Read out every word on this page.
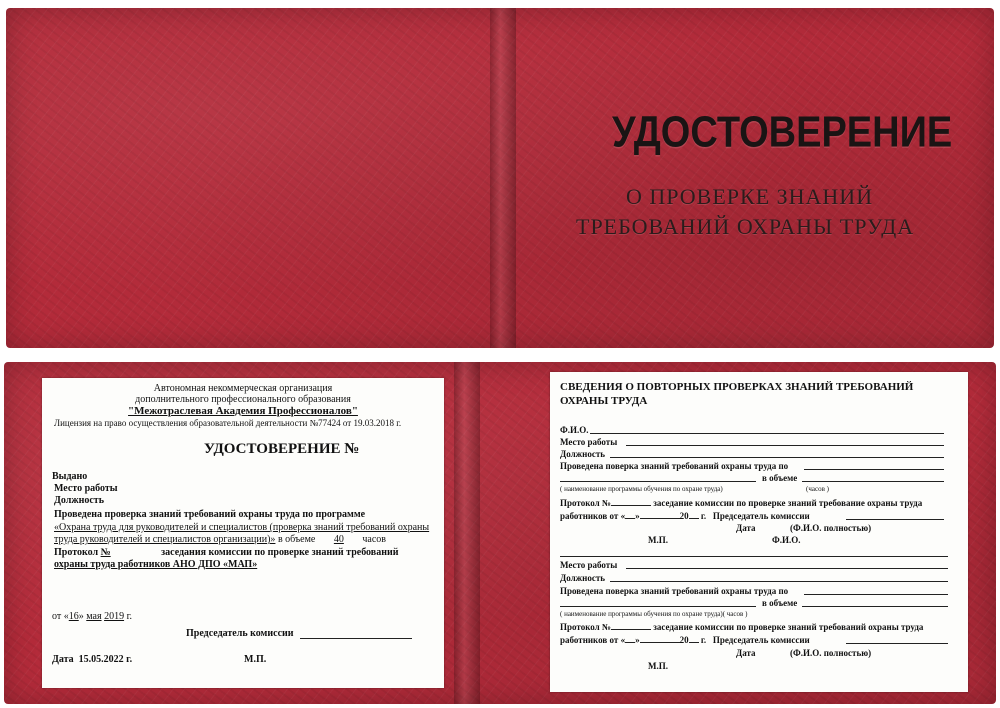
УДОСТОВЕРЕНИЕ
О ПРОВЕРКЕ ЗНАНИЙ
ТРЕБОВАНИЙ ОХРАНЫ ТРУДА
Автономная некоммерческая организация
дополнительного профессионального образования
"Межотраслевая Академия Профессионалов"
Лицензия на право осуществления образовательной деятельности №77424 от 19.03.2018 г.
УДОСТОВЕРЕНИЕ №
Выдано
Место работы
Должность
Проведена проверка знаний требований охраны труда по программе
«Охрана труда для руководителей и специалистов (проверка знаний требований охраны
труда руководителей и специалистов организации)» в объеме 40 часов
Протокол №	заседания комиссии по проверке знаний требований
охраны труда работников АНО ДПО «МАП»
от «16» мая 2019 г.
Председатель комиссии
Дата 15.05.2022 г.	М.П.
СВЕДЕНИЯ О ПОВТОРНЫХ ПРОВЕРКАХ ЗНАНИЙ ТРЕБОВАНИЙ
ОХРАНЫ ТРУДА
Ф.И.О.
Место работы
Должность
Проведена поверка знаний требований охраны труда по
в объеме
( наименование программы обучения по охране труда)	(часов )
Протокол №	заседание комиссии по проверке знаний требование охраны труда
работников от « »	20 г. Председатель комиссии
Дата	(Ф.И.О. полностью)
М.П.	Ф.И.О.
Место работы
Должность
Проведена поверка знаний требований охраны труда по
в объеме
( наименование программы обучения по охране труда)( часов )
Протокол №	заседание комиссии по проверке знаний требований охраны труда
работников от « »	20 г. Председатель комиссии
Дата	(Ф.И.О. полностью)
М.П.
